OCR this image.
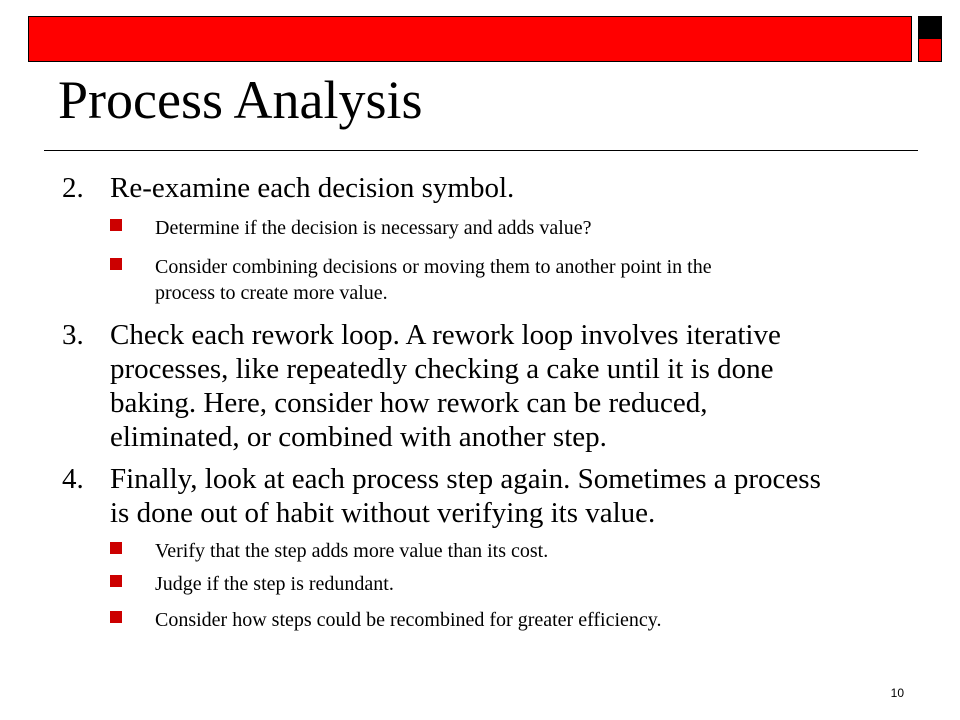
Process Analysis
2. Re-examine each decision symbol.
Determine if the decision is necessary and adds value?
Consider combining decisions or moving them to another point in the
process to create more value.
3. Check each rework loop. A rework loop involves iterative
processes, like repeatedly checking a cake until it is done
baking. Here, consider how rework can be reduced,
eliminated, or combined with another step.
4. Finally, look at each process step again. Sometimes a process
is done out of habit without verifying its value.
Verify that the step adds more value than its cost.
Judge if the step is redundant.
Consider how steps could be recombined for greater efficiency.
10
